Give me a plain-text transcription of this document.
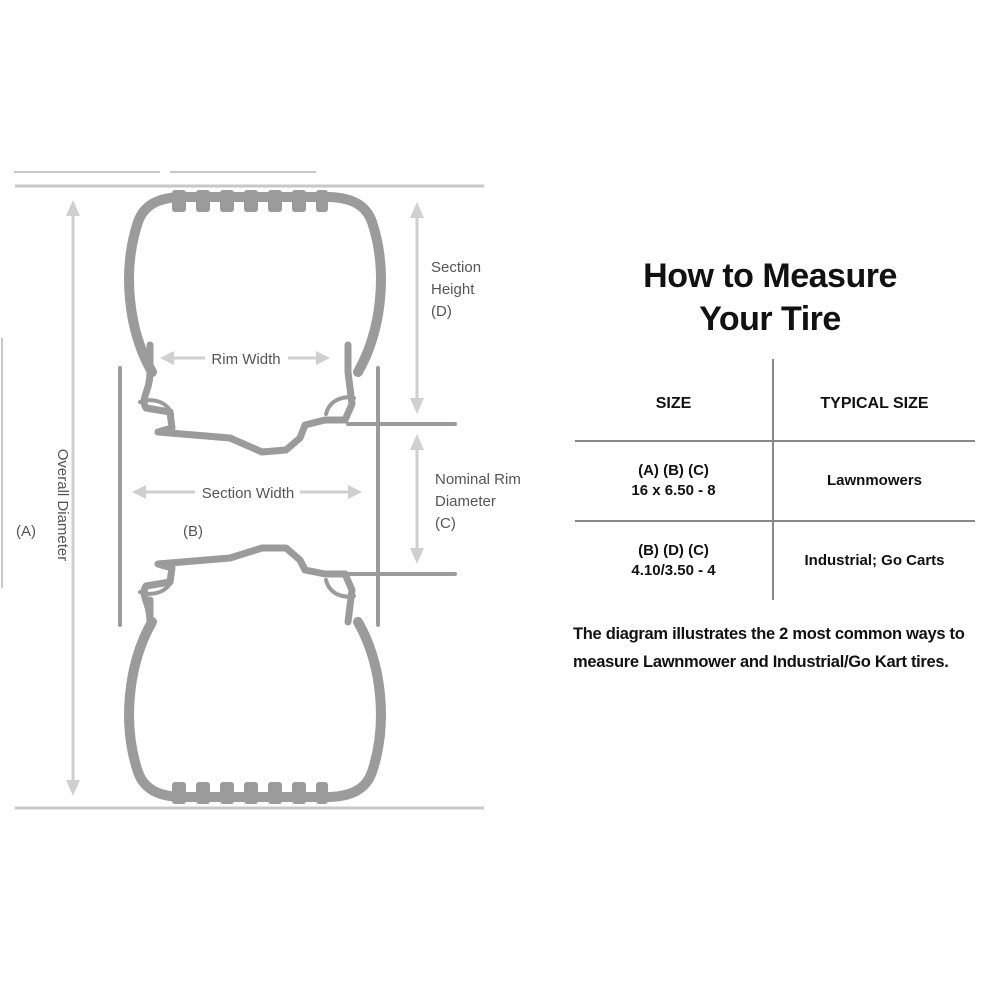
Rim Width
Section Width
(B)
Overall Diameter
(A)
Section
Height
(D)
Nominal Rim
Diameter
(C)
How to Measure
Your Tire
SIZE	TYPICAL SIZE

(A) (B) (C)
16 x 6.50 - 8	Lawnmowers

(B) (D) (C)
4.10/3.50 - 4	Industrial; Go Carts

The diagram illustrates the 2 most common ways to measure Lawnmower and Industrial/Go Kart tires.
